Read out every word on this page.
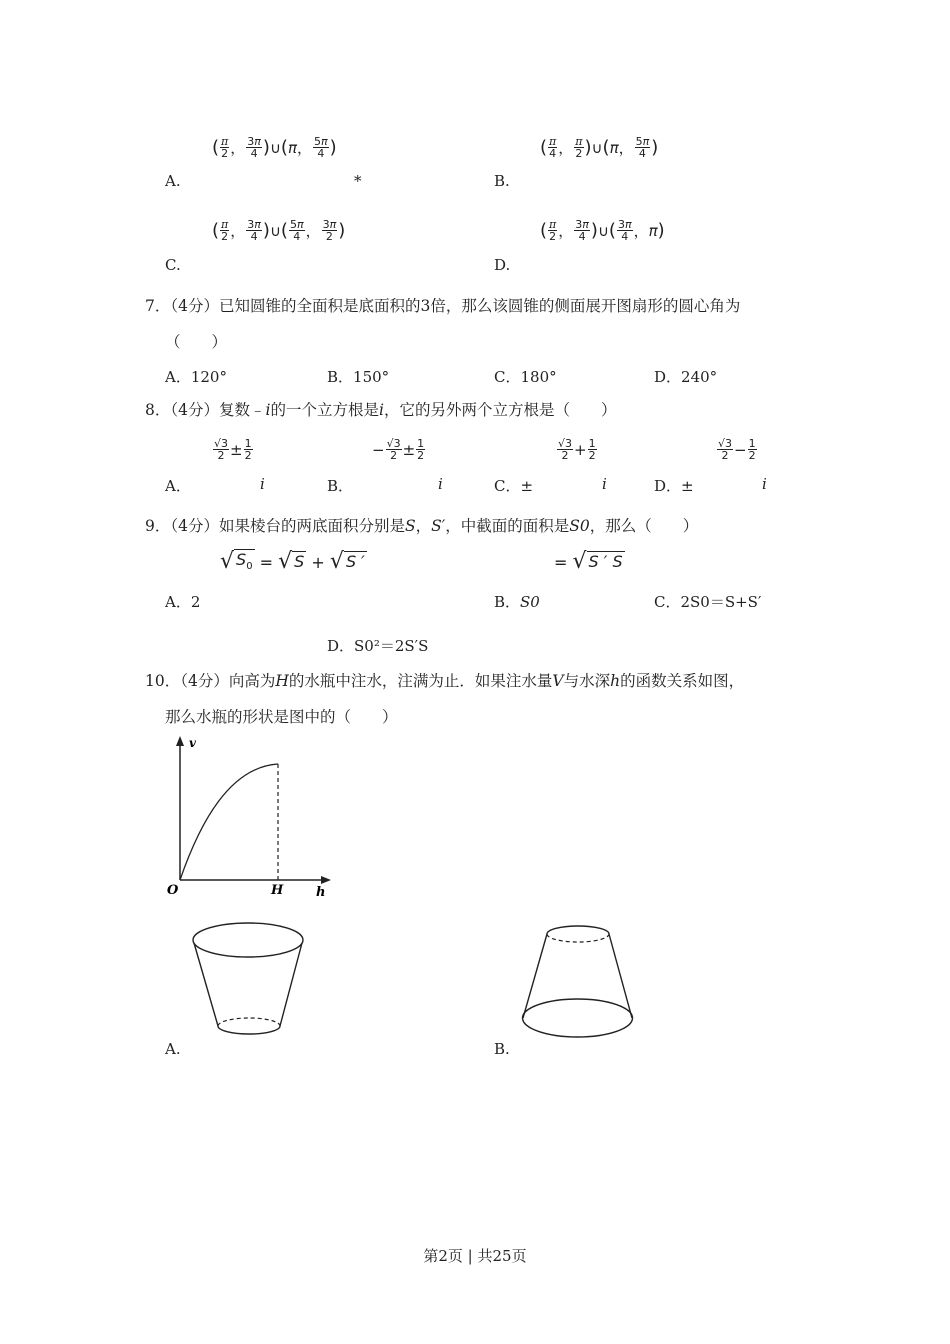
( $\frac{\pi}{2}$ ， $\frac{3\pi}{4}$ ) ∪ ( π ， $\frac{5\pi}{4}$ )
A.	*
( $\frac{\pi}{4}$ ， $\frac{\pi}{2}$ ) ∪ ( π ， $\frac{5\pi}{4}$ )
B.
( $\frac{\pi}{2}$ ， $\frac{3\pi}{4}$ ) ∪ ( $\frac{5\pi}{4}$ ， $\frac{3\pi}{2}$ )
C.
( $\frac{\pi}{2}$ ， $\frac{3\pi}{4}$ ) ∪ ( $\frac{3\pi}{4}$ ， π )
D.
7．（4分）已知圆锥的全面积是底面积的3倍，那么该圆锥的侧面展开图扇形的圆心角为
（　　）
A．120°	B．150°	C．180°	D．240°
8．（4分）复数﹣i的一个立方根是i，它的另外两个立方根是（　　）
$\frac{√3}{2} \pm \frac{1}{2}$
A．	i
− $\frac{√3}{2} \pm \frac{1}{2}$
B．	i
$\frac{√3}{2} + \frac{1}{2}$
C．±	i
$\frac{√3}{2} - \frac{1}{2}$
D．±	i
9．（4分）如果棱台的两底面积分别是S，S′，中截面的面积是S0，那么（　　）
√ $S_0$ = √ S + √ S ′
A．2
= √ S ′ S
B．S0	C．2S0＝S+S′
D．S0²＝2S′S
10．（4分）向高为H的水瓶中注水，注满为止．如果注水量V与水深h的函数关系如图，
那么水瓶的形状是图中的（　　）
v
O	H	h
A.	B.
第2页 | 共25页
